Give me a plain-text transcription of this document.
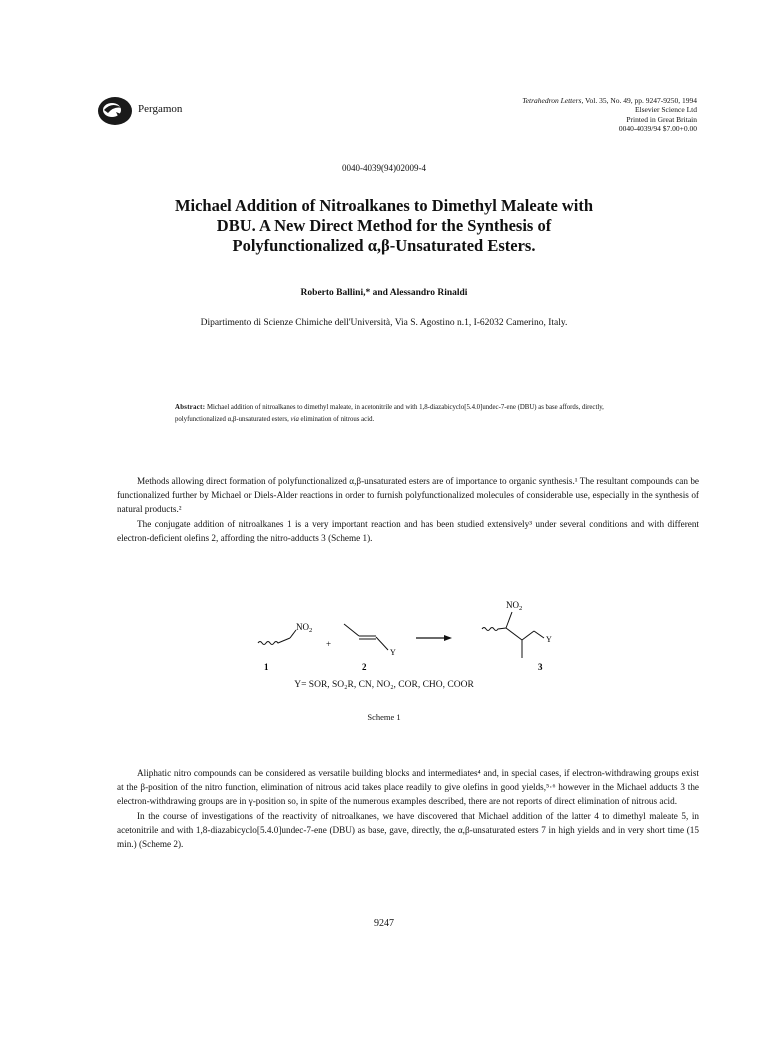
Pergamon
Tetrahedron Letters, Vol. 35, No. 49, pp. 9247-9250, 1994
Elsevier Science Ltd
Printed in Great Britain
0040-4039/94 $7.00+0.00
0040-4039(94)02009-4
Michael Addition of Nitroalkanes to Dimethyl Maleate with
DBU. A New Direct Method for the Synthesis of
Polyfunctionalized α,β-Unsaturated Esters.
Roberto Ballini,* and Alessandro Rinaldi
Dipartimento di Scienze Chimiche dell'Università, Via S. Agostino n.1, I-62032 Camerino, Italy.
Abstract: Michael addition of nitroalkanes to dimethyl maleate, in acetonitrile and with 1,8-diazabicyclo[5.4.0]undec-7-ene (DBU) as base affords, directly, polyfunctionalized α,β-unsaturated esters, via elimination of nitrous acid.

Methods allowing direct formation of polyfunctionalized α,β-unsaturated esters are of importance to organic synthesis.¹ The resultant compounds can be functionalized further by Michael or Diels-Alder reactions in order to furnish polyfunctionalized molecules of considerable use, especially in the synthesis of natural products.²

The conjugate addition of nitroalkanes 1 is a very important reaction and has been studied extensively³ under several conditions and with different electron-deficient olefins 2, affording the nitro-adducts 3 (Scheme 1).

$NO_2$
+
Y
$NO_2$
Y
1	2	3
Y= SOR, SO₂R, CN, NO₂, COR, CHO, COOR
Scheme 1

Aliphatic nitro compounds can be considered as versatile building blocks and intermediates⁴ and, in special cases, if electron-withdrawing groups exist at the β-position of the nitro function, elimination of nitrous acid takes place readily to give olefins in good yields,⁵·⁶ however in the Michael adducts 3 the electron-withdrawing groups are in γ-position so, in spite of the numerous examples described, there are not reports of direct elimination of nitrous acid.

In the course of investigations of the reactivity of nitroalkanes, we have discovered that Michael addition of the latter 4 to dimethyl maleate 5, in acetonitrile and with 1,8-diazabicyclo[5.4.0]undec-7-ene (DBU) as base, gave, directly, the α,β-unsaturated esters 7 in high yields and in very short time (15 min.) (Scheme 2).

9247
